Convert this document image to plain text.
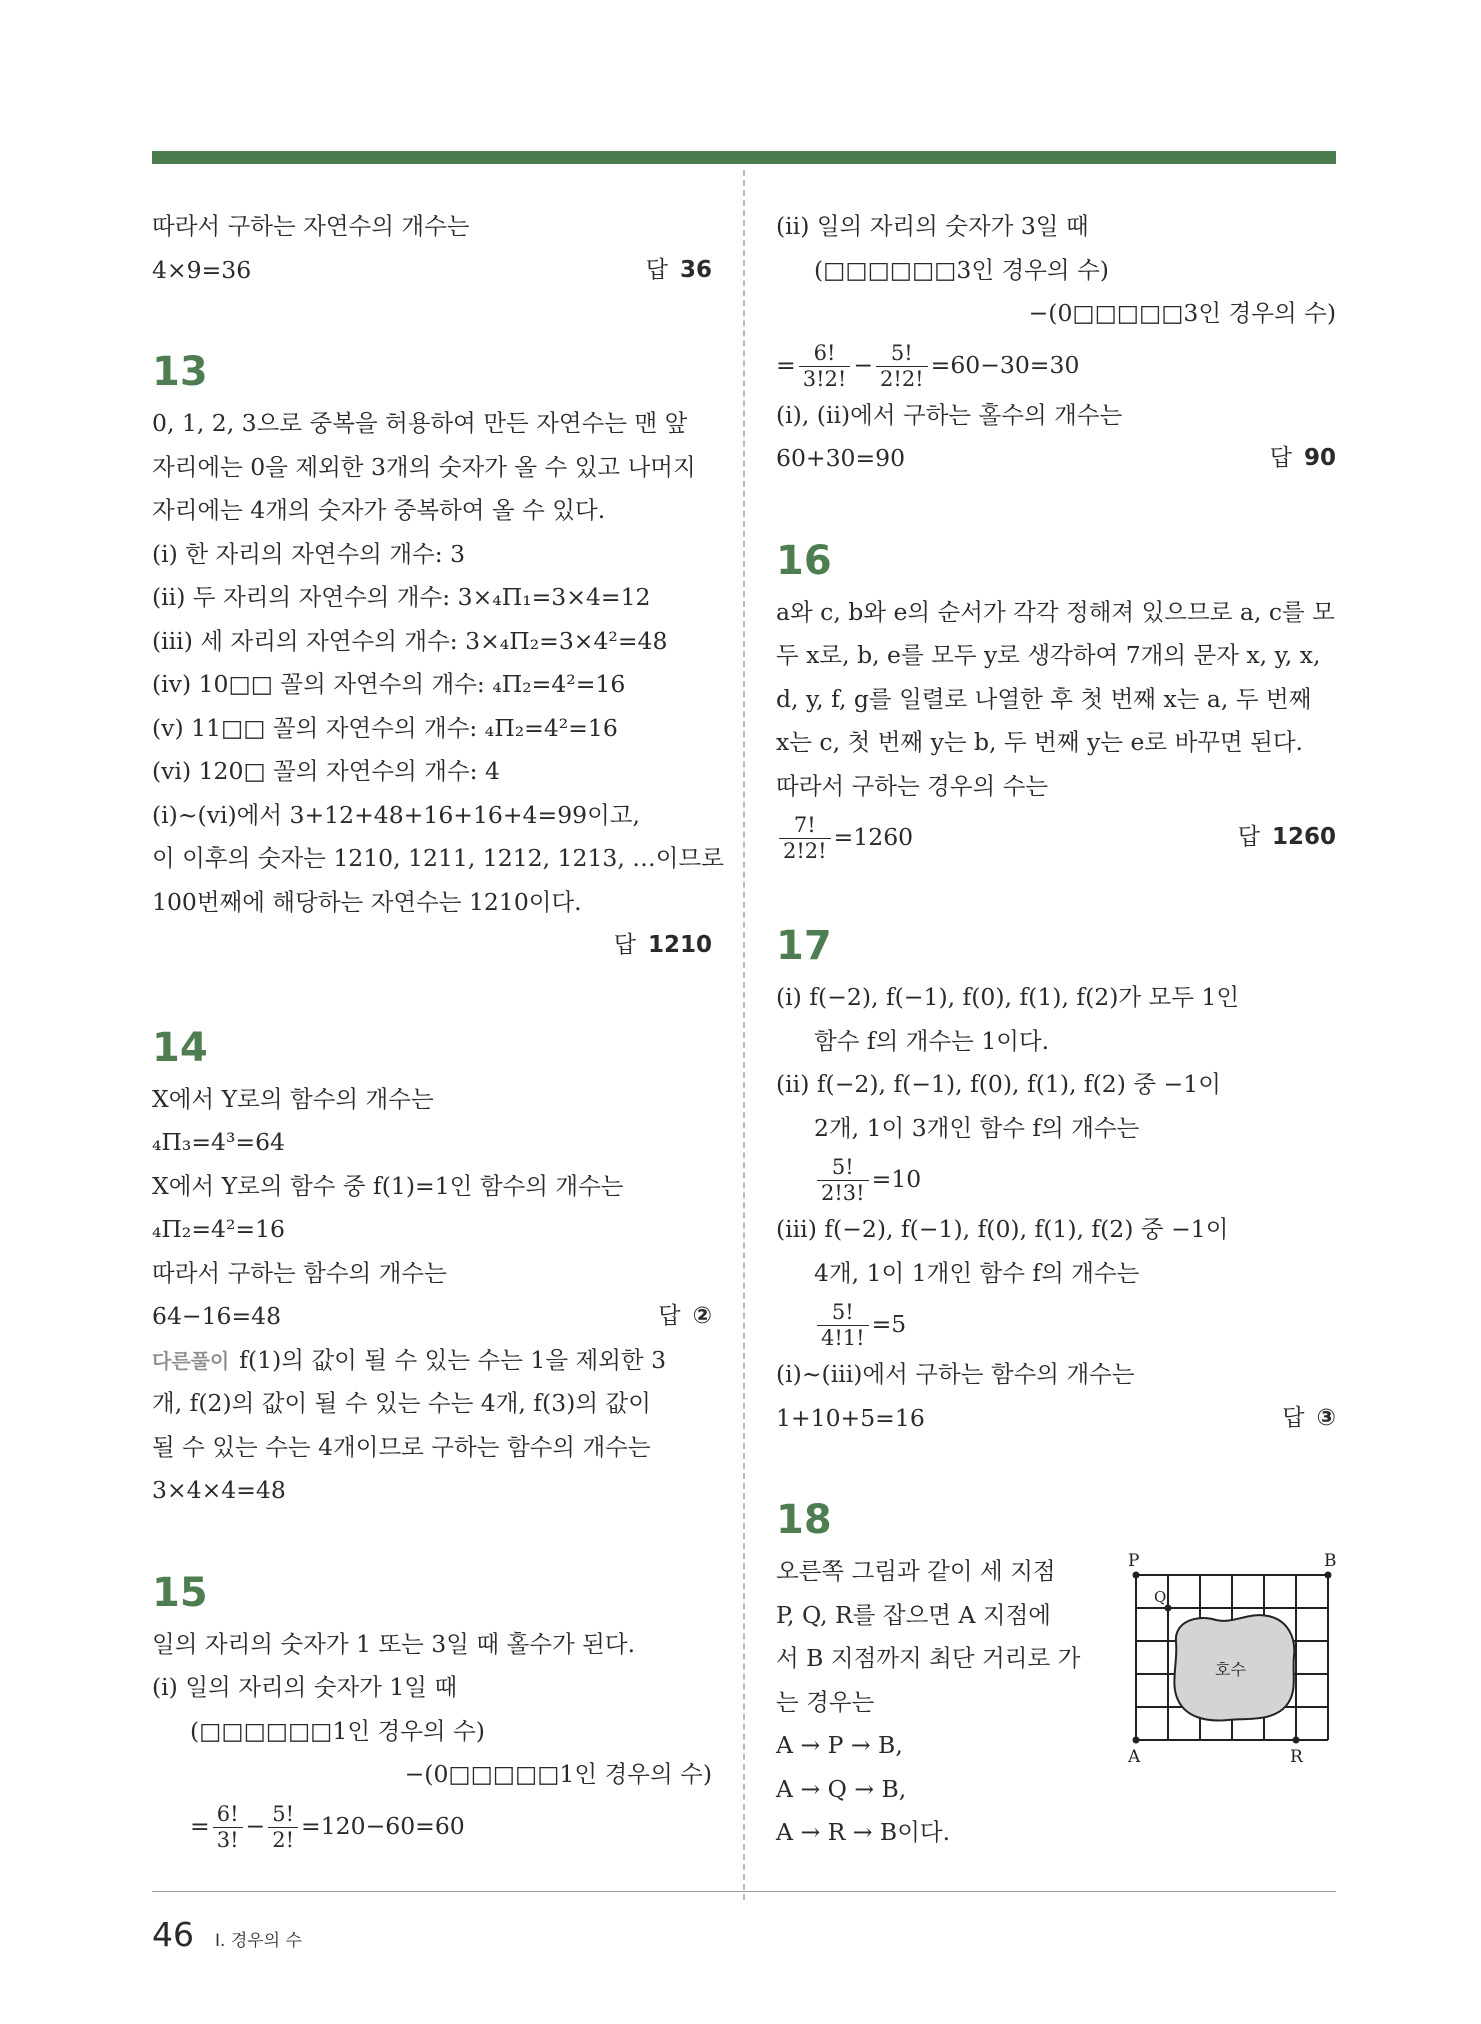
따라서 구하는 자연수의 개수는
4×9=36	답 36
13
0, 1, 2, 3으로 중복을 허용하여 만든 자연수는 맨 앞
자리에는 0을 제외한 3개의 숫자가 올 수 있고 나머지
자리에는 4개의 숫자가 중복하여 올 수 있다.
(ⅰ) 한 자리의 자연수의 개수: 3
(ⅱ) 두 자리의 자연수의 개수: 3×₄Π₁=3×4=12
(ⅲ) 세 자리의 자연수의 개수: 3×₄Π₂=3×4²=48
(ⅳ) 10□□ 꼴의 자연수의 개수: ₄Π₂=4²=16
(ⅴ) 11□□ 꼴의 자연수의 개수: ₄Π₂=4²=16
(ⅵ) 120□ 꼴의 자연수의 개수: 4
(ⅰ)~(ⅵ)에서 3+12+48+16+16+4=99이고,
이 이후의 숫자는 1210, 1211, 1212, 1213, …이므로
100번째에 해당하는 자연수는 1210이다.
답 1210
14
X에서 Y로의 함수의 개수는
₄Π₃=4³=64
X에서 Y로의 함수 중 f(1)=1인 함수의 개수는
₄Π₂=4²=16
따라서 구하는 함수의 개수는
64−16=48	답 ②
다른풀이 f(1)의 값이 될 수 있는 수는 1을 제외한 3
개, f(2)의 값이 될 수 있는 수는 4개, f(3)의 값이
될 수 있는 수는 4개이므로 구하는 함수의 개수는
3×4×4=48
15
일의 자리의 숫자가 1 또는 3일 때 홀수가 된다.
(ⅰ) 일의 자리의 숫자가 1일 때
(□□□□□□1인 경우의 수)
−(0□□□□□1인 경우의 수)
= $\frac{6!}{3!} - \frac{5!}{2!} =120-60=60$
(ⅱ) 일의 자리의 숫자가 3일 때
(□□□□□□3인 경우의 수)
−(0□□□□□3인 경우의 수)
= $\frac{6!}{3!2!} - \frac{5!}{2!2!} =60-30=30$
(ⅰ), (ⅱ)에서 구하는 홀수의 개수는
60+30=90	답 90
16
a와 c, b와 e의 순서가 각각 정해져 있으므로 a, c를 모
두 x로, b, e를 모두 y로 생각하여 7개의 문자 x, y, x,
d, y, f, g를 일렬로 나열한 후 첫 번째 x는 a, 두 번째
x는 c, 첫 번째 y는 b, 두 번째 y는 e로 바꾸면 된다.
따라서 구하는 경우의 수는
$\frac{7!}{2!2!} =1260$	답 1260
17
(ⅰ) f(−2), f(−1), f(0), f(1), f(2)가 모두 1인
함수 f의 개수는 1이다.
(ⅱ) f(−2), f(−1), f(0), f(1), f(2) 중 −1이
2개, 1이 3개인 함수 f의 개수는
$\frac{5!}{2!3!} =10$
(ⅲ) f(−2), f(−1), f(0), f(1), f(2) 중 −1이
4개, 1이 1개인 함수 f의 개수는
$\frac{5!}{4!1!} =5$
(ⅰ)~(ⅲ)에서 구하는 함수의 개수는
1+10+5=16	답 ③
18
오른쪽 그림과 같이 세 지점
P, Q, R를 잡으면 A 지점에
서 B 지점까지 최단 거리로 가
는 경우는
A → P → B,
A → Q → B,
A → R → B이다.
P	B
Q
A	R
호수
46 Ⅰ. 경우의 수
